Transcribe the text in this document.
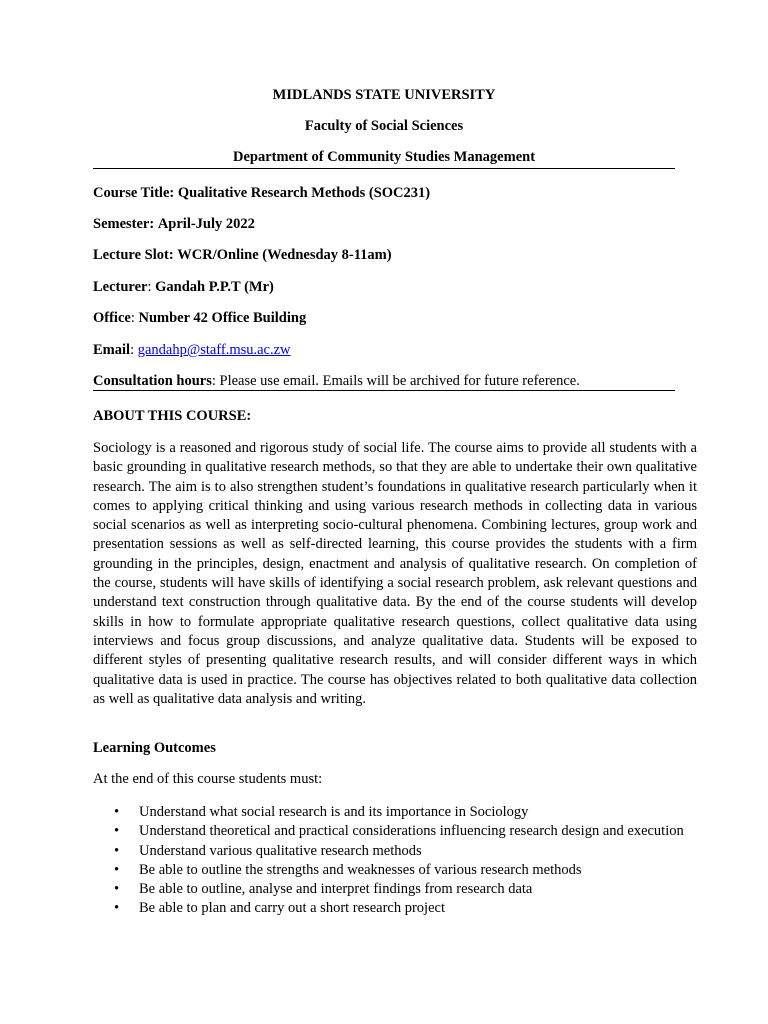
MIDLANDS STATE UNIVERSITY
Faculty of Social Sciences
Department of Community Studies Management
Course Title: Qualitative Research Methods (SOC231)
Semester: April-July 2022
Lecture Slot: WCR/Online (Wednesday 8-11am)
Lecturer: Gandah P.P.T (Mr)
Office: Number 42 Office Building
Email: gandahp@staff.msu.ac.zw
Consultation hours: Please use email. Emails will be archived for future reference.
ABOUT THIS COURSE:

Sociology is a reasoned and rigorous study of social life. The course aims to provide all students with a basic grounding in qualitative research methods, so that they are able to undertake their own qualitative research. The aim is to also strengthen student’s foundations in qualitative research particularly when it comes to applying critical thinking and using various research methods in collecting data in various social scenarios as well as interpreting socio-cultural phenomena. Combining lectures, group work and presentation sessions as well as self-directed learning, this course provides the students with a firm grounding in the principles, design, enactment and analysis of qualitative research. On completion of the course, students will have skills of identifying a social research problem, ask relevant questions and understand text construction through qualitative data. By the end of the course students will develop skills in how to formulate appropriate qualitative research questions, collect qualitative data using interviews and focus group discussions, and analyze qualitative data. Students will be exposed to different styles of presenting qualitative research results, and will consider different ways in which qualitative data is used in practice. The course has objectives related to both qualitative data collection as well as qualitative data analysis and writing.

Learning Outcomes
At the end of this course students must:
• Understand what social research is and its importance in Sociology
• Understand theoretical and practical considerations influencing research design and execution
• Understand various qualitative research methods
• Be able to outline the strengths and weaknesses of various research methods
• Be able to outline, analyse and interpret findings from research data
• Be able to plan and carry out a short research project
